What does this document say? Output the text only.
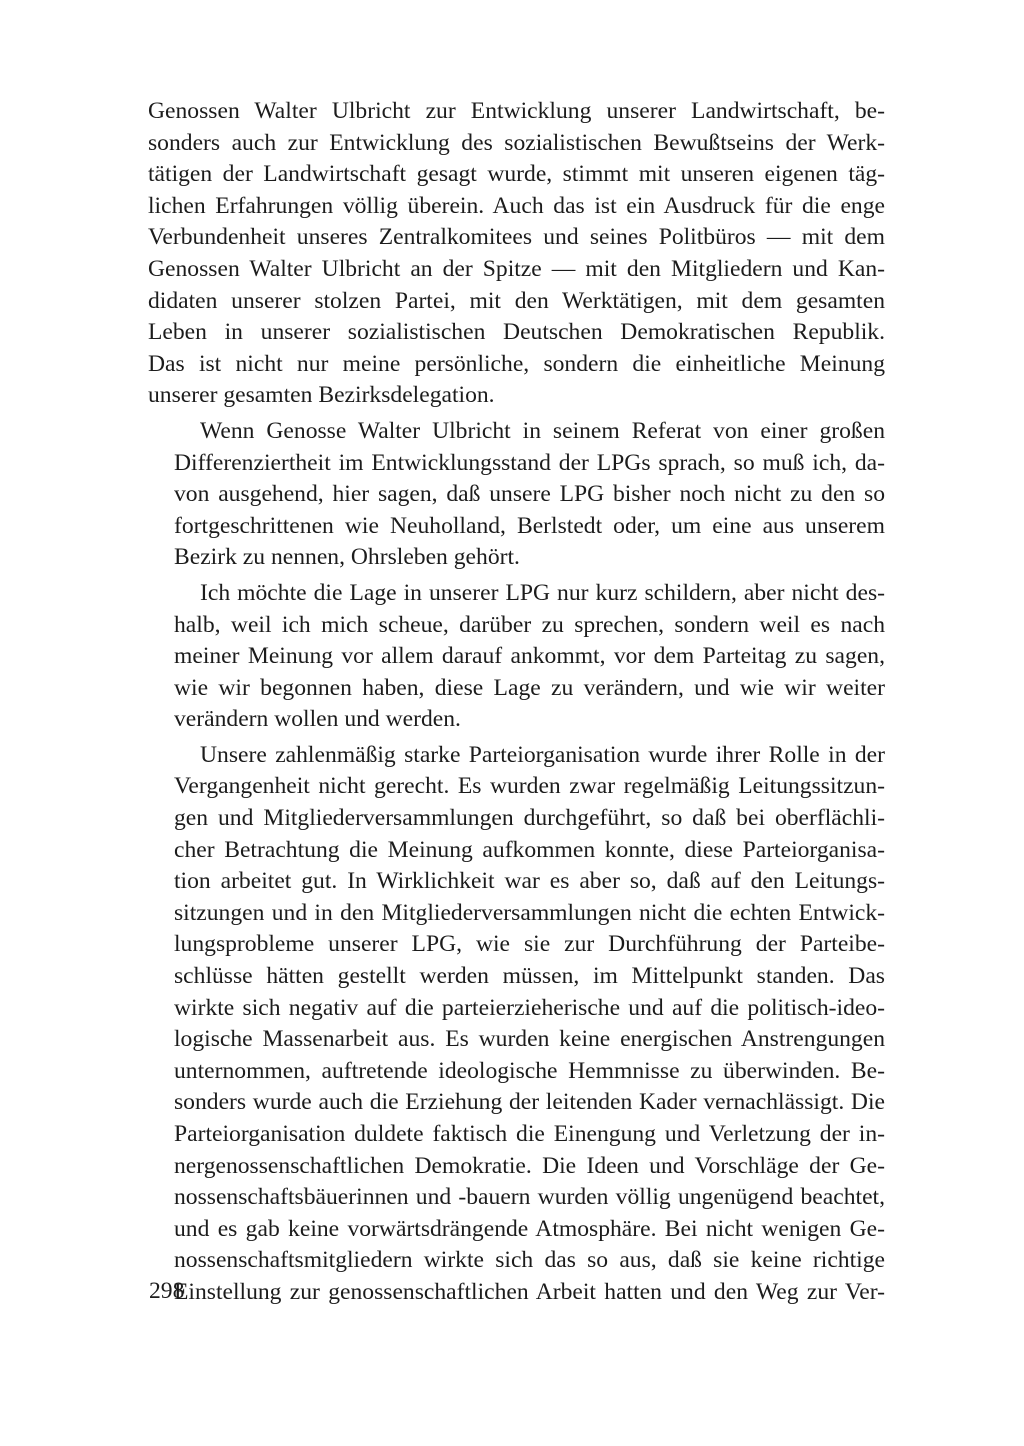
Genossen Walter Ulbricht zur Entwicklung unserer Landwirtschaft, be-
sonders auch zur Entwicklung des sozialistischen Bewußtseins der Werk-
tätigen der Landwirtschaft gesagt wurde, stimmt mit unseren eigenen täg-
lichen Erfahrungen völlig überein. Auch das ist ein Ausdruck für die enge
Verbundenheit unseres Zentralkomitees und seines Politbüros — mit dem
Genossen Walter Ulbricht an der Spitze — mit den Mitgliedern und Kan-
didaten unserer stolzen Partei, mit den Werktätigen, mit dem gesamten
Leben in unserer sozialistischen Deutschen Demokratischen Republik.
Das ist nicht nur meine persönliche, sondern die einheitliche Meinung
unserer gesamten Bezirksdelegation.
Wenn Genosse Walter Ulbricht in seinem Referat von einer großen
Differenziertheit im Entwicklungsstand der LPGs sprach, so muß ich, da-
von ausgehend, hier sagen, daß unsere LPG bisher noch nicht zu den so
fortgeschrittenen wie Neuholland, Berlstedt oder, um eine aus unserem
Bezirk zu nennen, Ohrsleben gehört.
Ich möchte die Lage in unserer LPG nur kurz schildern, aber nicht des-
halb, weil ich mich scheue, darüber zu sprechen, sondern weil es nach
meiner Meinung vor allem darauf ankommt, vor dem Parteitag zu sagen,
wie wir begonnen haben, diese Lage zu verändern, und wie wir weiter
verändern wollen und werden.
Unsere zahlenmäßig starke Parteiorganisation wurde ihrer Rolle in der
Vergangenheit nicht gerecht. Es wurden zwar regelmäßig Leitungssitzun-
gen und Mitgliederversammlungen durchgeführt, so daß bei oberflächli-
cher Betrachtung die Meinung aufkommen konnte, diese Parteiorganisa-
tion arbeitet gut. In Wirklichkeit war es aber so, daß auf den Leitungs-
sitzungen und in den Mitgliederversammlungen nicht die echten Entwick-
lungsprobleme unserer LPG, wie sie zur Durchführung der Parteibe-
schlüsse hätten gestellt werden müssen, im Mittelpunkt standen. Das
wirkte sich negativ auf die parteierzieherische und auf die politisch-ideo-
logische Massenarbeit aus. Es wurden keine energischen Anstrengungen
unternommen, auftretende ideologische Hemmnisse zu überwinden. Be-
sonders wurde auch die Erziehung der leitenden Kader vernachlässigt. Die
Parteiorganisation duldete faktisch die Einengung und Verletzung der in-
nergenossenschaftlichen Demokratie. Die Ideen und Vorschläge der Ge-
nossenschaftsbäuerinnen und -bauern wurden völlig ungenügend beachtet,
und es gab keine vorwärtsdrängende Atmosphäre. Bei nicht wenigen Ge-
nossenschaftsmitgliedern wirkte sich das so aus, daß sie keine richtige
Einstellung zur genossenschaftlichen Arbeit hatten und den Weg zur Ver-
298
